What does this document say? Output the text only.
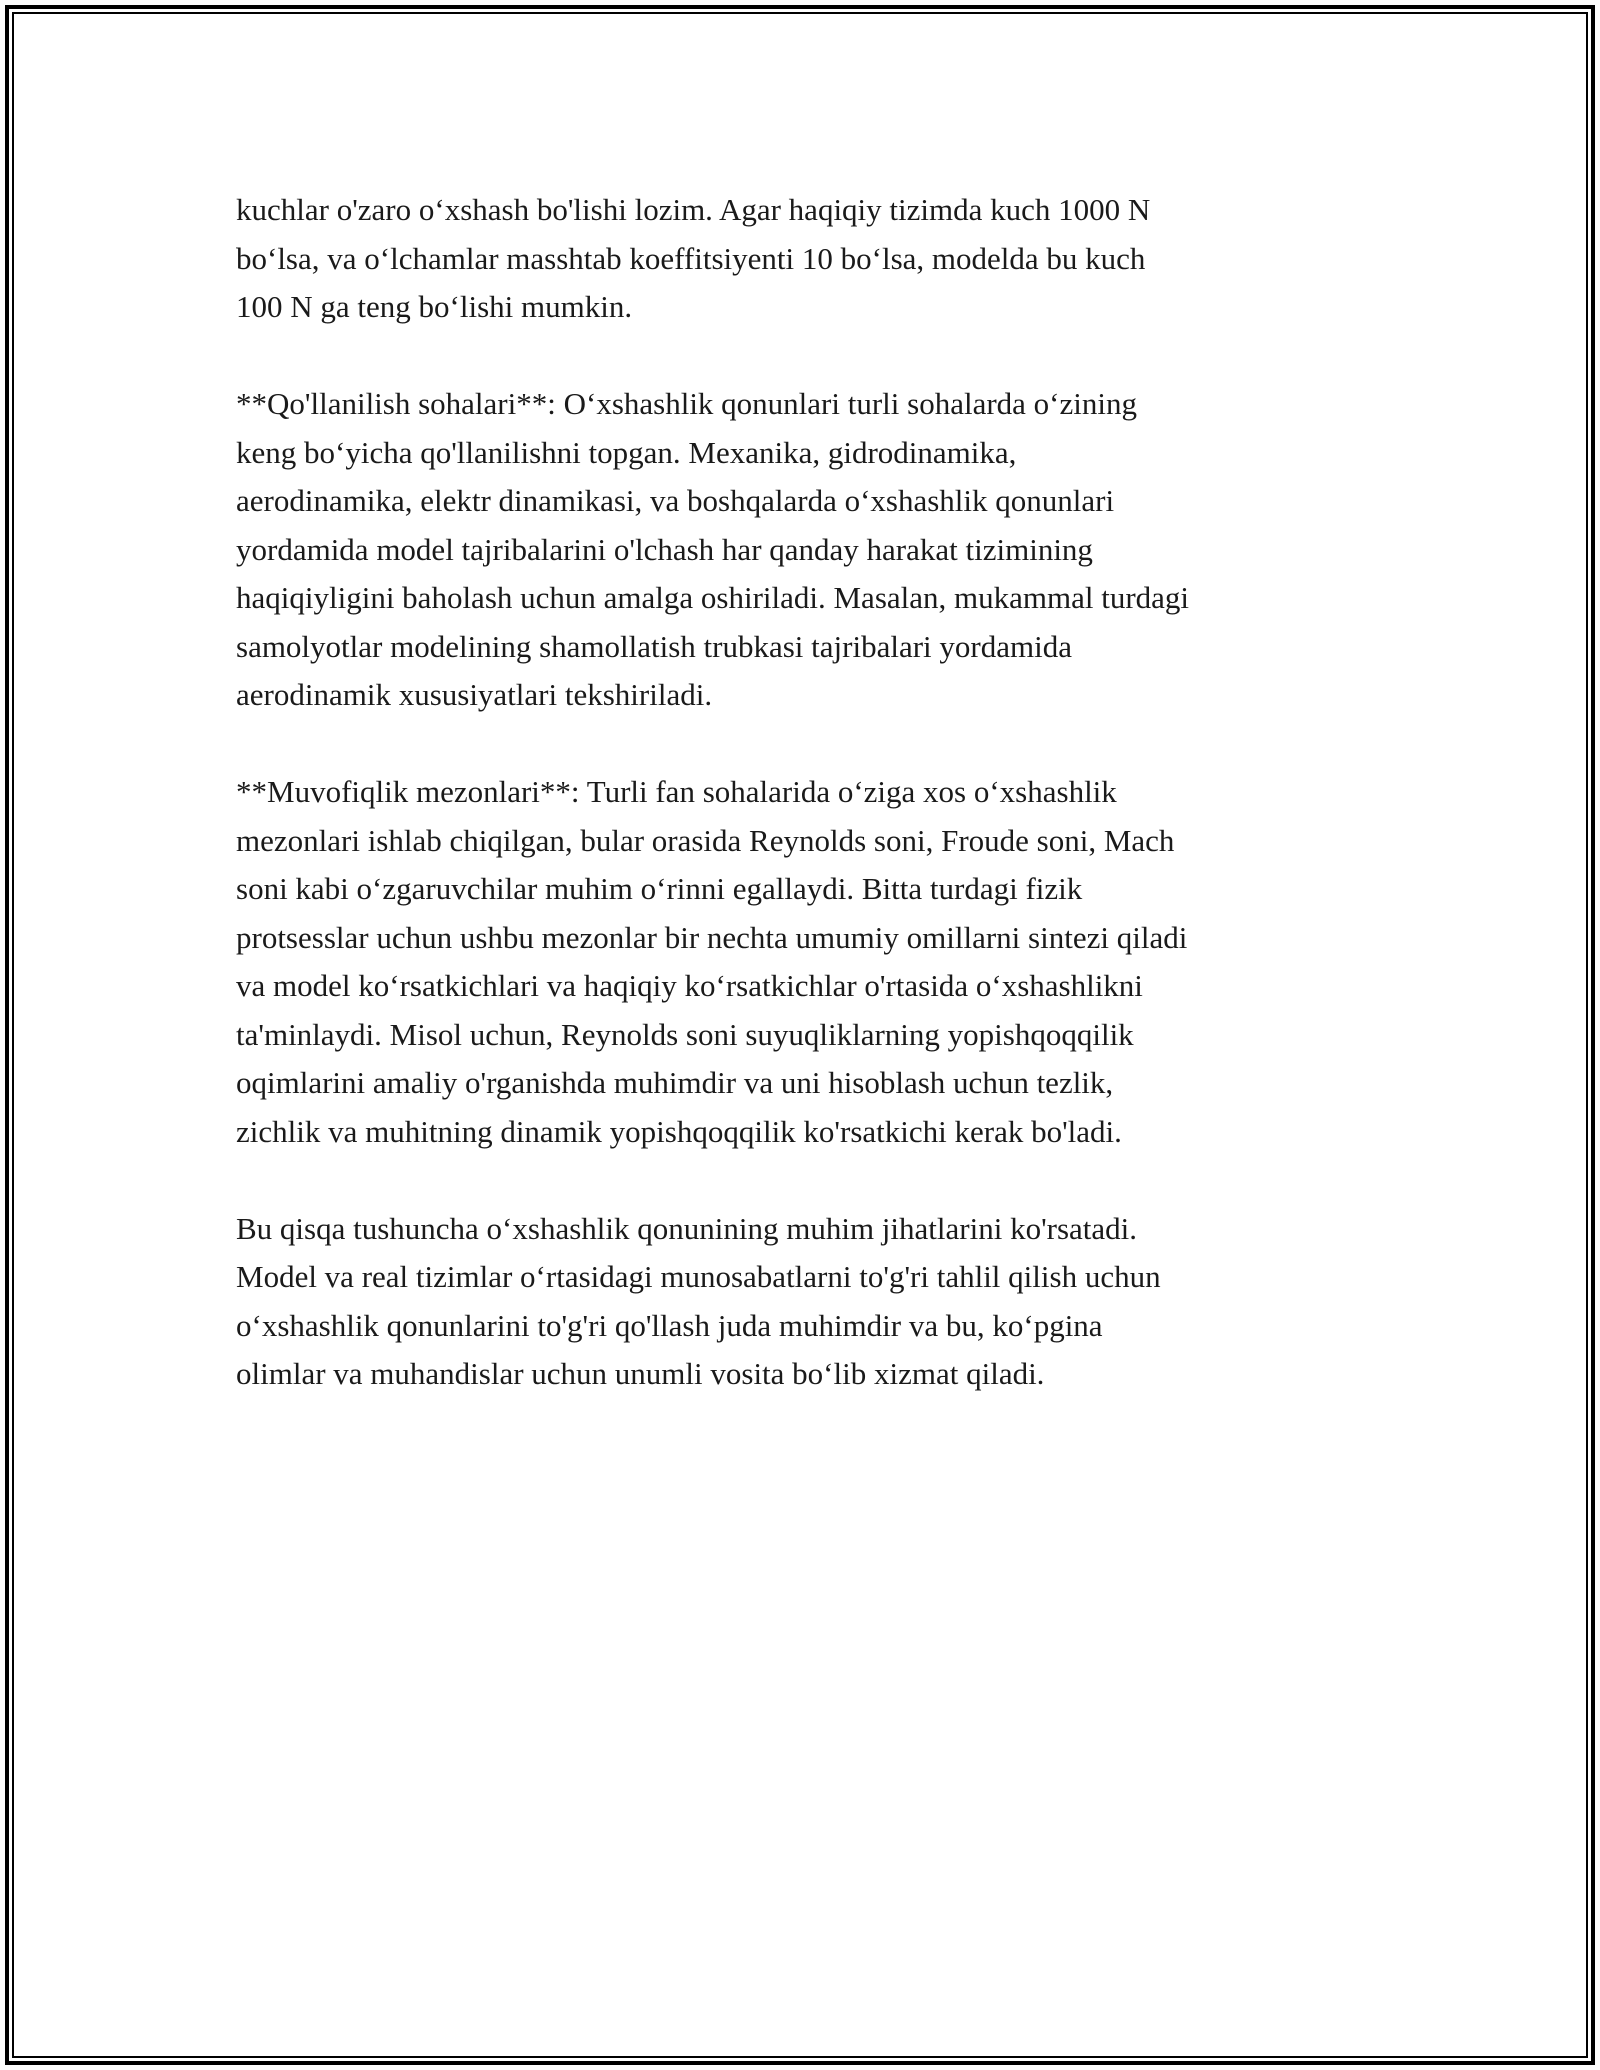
kuchlar o'zaro o‘xshash bo'lishi lozim. Agar haqiqiy tizimda kuch 1000 N
bo‘lsa, va o‘lchamlar masshtab koeffitsiyenti 10 bo‘lsa, modelda bu kuch
100 N ga teng bo‘lishi mumkin.

**Qo'llanilish sohalari**: O‘xshashlik qonunlari turli sohalarda o‘zining
keng bo‘yicha qo'llanilishni topgan. Mexanika, gidrodinamika,
aerodinamika, elektr dinamikasi, va boshqalarda o‘xshashlik qonunlari
yordamida model tajribalarini o'lchash har qanday harakat tizimining
haqiqiyligini baholash uchun amalga oshiriladi. Masalan, mukammal turdagi
samolyotlar modelining shamollatish trubkasi tajribalari yordamida
aerodinamik xususiyatlari tekshiriladi.

**Muvofiqlik mezonlari**: Turli fan sohalarida o‘ziga xos o‘xshashlik
mezonlari ishlab chiqilgan, bular orasida Reynolds soni, Froude soni, Mach
soni kabi o‘zgaruvchilar muhim o‘rinni egallaydi. Bitta turdagi fizik
protsesslar uchun ushbu mezonlar bir nechta umumiy omillarni sintezi qiladi
va model ko‘rsatkichlari va haqiqiy ko‘rsatkichlar o'rtasida o‘xshashlikni
ta'minlaydi. Misol uchun, Reynolds soni suyuqliklarning yopishqoqqilik
oqimlarini amaliy o'rganishda muhimdir va uni hisoblash uchun tezlik,
zichlik va muhitning dinamik yopishqoqqilik ko'rsatkichi kerak bo'ladi.

Bu qisqa tushuncha o‘xshashlik qonunining muhim jihatlarini ko'rsatadi.
Model va real tizimlar o‘rtasidagi munosabatlarni to'g'ri tahlil qilish uchun
o‘xshashlik qonunlarini to'g'ri qo'llash juda muhimdir va bu, ko‘pgina
olimlar va muhandislar uchun unumli vosita bo‘lib xizmat qiladi.
